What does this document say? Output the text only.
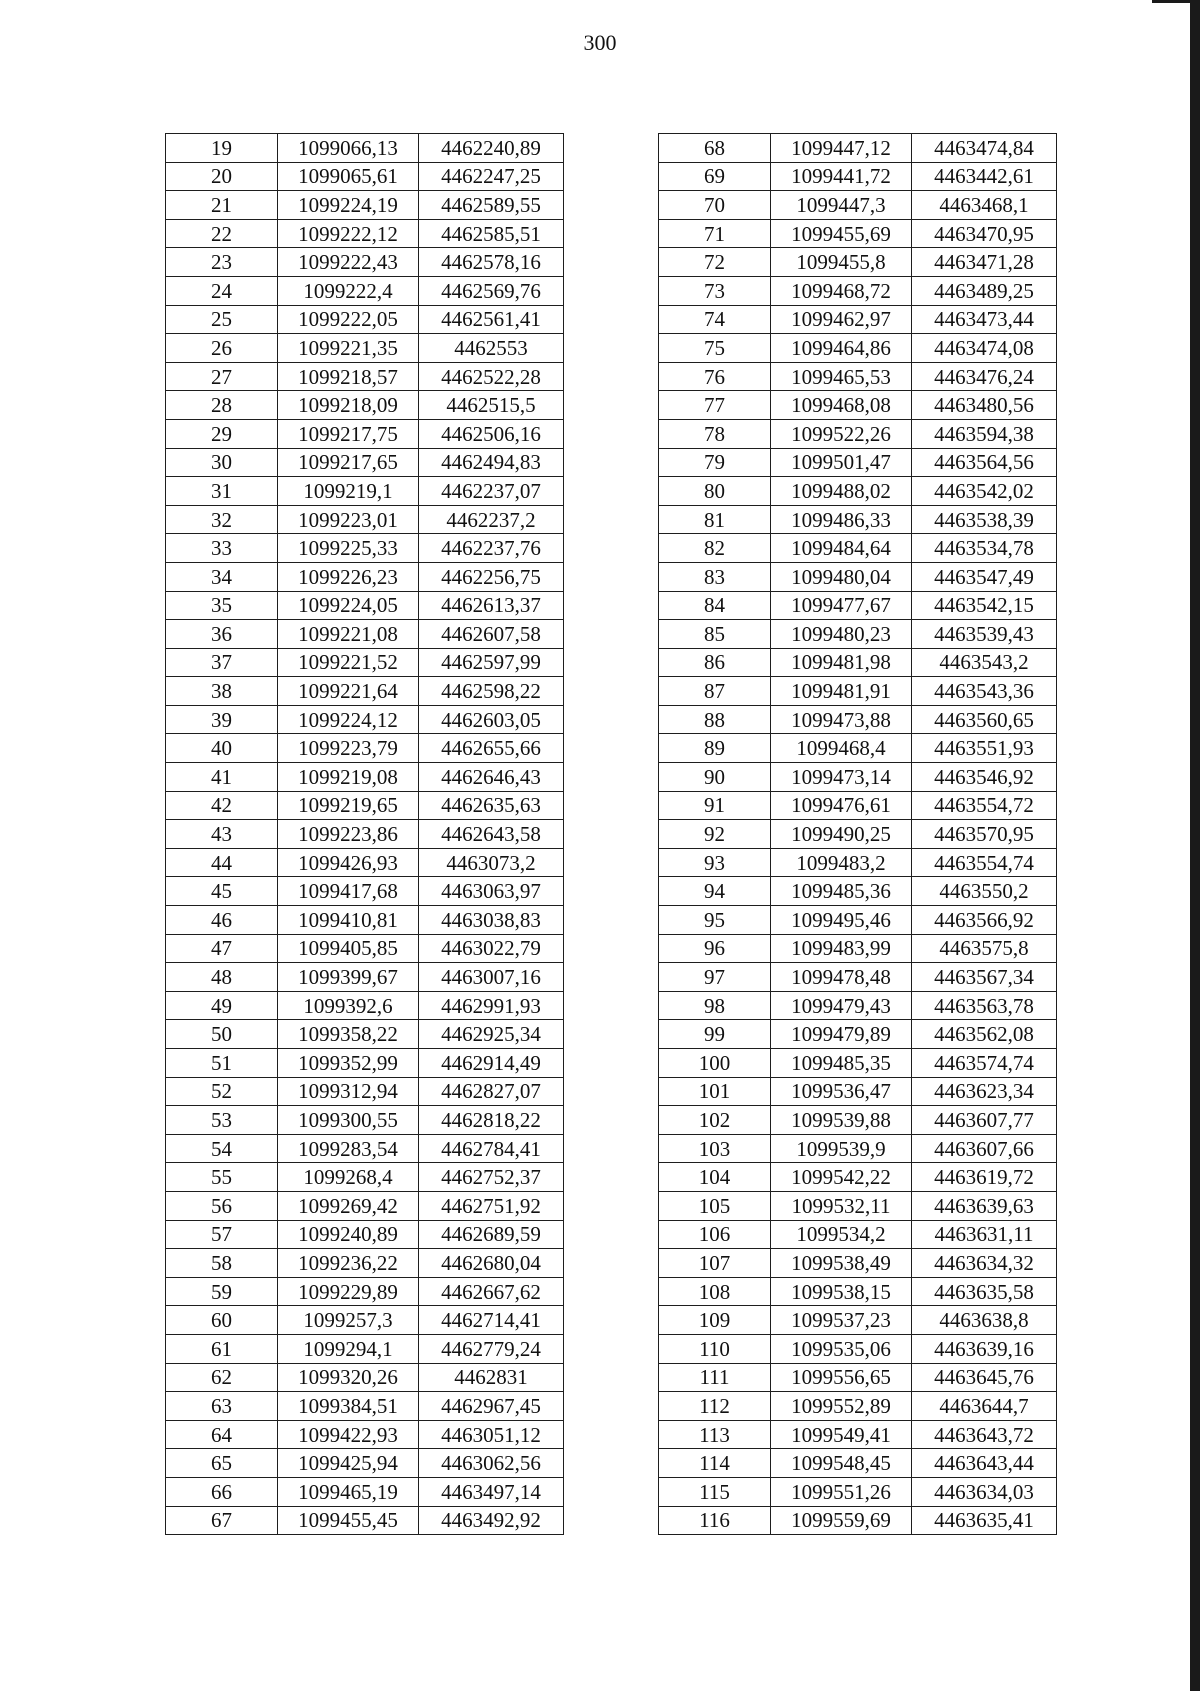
300
19	1099066,13	4462240,89
20	1099065,61	4462247,25
21	1099224,19	4462589,55
22	1099222,12	4462585,51
23	1099222,43	4462578,16
24	1099222,4	4462569,76
25	1099222,05	4462561,41
26	1099221,35	4462553
27	1099218,57	4462522,28
28	1099218,09	4462515,5
29	1099217,75	4462506,16
30	1099217,65	4462494,83
31	1099219,1	4462237,07
32	1099223,01	4462237,2
33	1099225,33	4462237,76
34	1099226,23	4462256,75
35	1099224,05	4462613,37
36	1099221,08	4462607,58
37	1099221,52	4462597,99
38	1099221,64	4462598,22
39	1099224,12	4462603,05
40	1099223,79	4462655,66
41	1099219,08	4462646,43
42	1099219,65	4462635,63
43	1099223,86	4462643,58
44	1099426,93	4463073,2
45	1099417,68	4463063,97
46	1099410,81	4463038,83
47	1099405,85	4463022,79
48	1099399,67	4463007,16
49	1099392,6	4462991,93
50	1099358,22	4462925,34
51	1099352,99	4462914,49
52	1099312,94	4462827,07
53	1099300,55	4462818,22
54	1099283,54	4462784,41
55	1099268,4	4462752,37
56	1099269,42	4462751,92
57	1099240,89	4462689,59
58	1099236,22	4462680,04
59	1099229,89	4462667,62
60	1099257,3	4462714,41
61	1099294,1	4462779,24
62	1099320,26	4462831
63	1099384,51	4462967,45
64	1099422,93	4463051,12
65	1099425,94	4463062,56
66	1099465,19	4463497,14
67	1099455,45	4463492,92
68	1099447,12	4463474,84
69	1099441,72	4463442,61
70	1099447,3	4463468,1
71	1099455,69	4463470,95
72	1099455,8	4463471,28
73	1099468,72	4463489,25
74	1099462,97	4463473,44
75	1099464,86	4463474,08
76	1099465,53	4463476,24
77	1099468,08	4463480,56
78	1099522,26	4463594,38
79	1099501,47	4463564,56
80	1099488,02	4463542,02
81	1099486,33	4463538,39
82	1099484,64	4463534,78
83	1099480,04	4463547,49
84	1099477,67	4463542,15
85	1099480,23	4463539,43
86	1099481,98	4463543,2
87	1099481,91	4463543,36
88	1099473,88	4463560,65
89	1099468,4	4463551,93
90	1099473,14	4463546,92
91	1099476,61	4463554,72
92	1099490,25	4463570,95
93	1099483,2	4463554,74
94	1099485,36	4463550,2
95	1099495,46	4463566,92
96	1099483,99	4463575,8
97	1099478,48	4463567,34
98	1099479,43	4463563,78
99	1099479,89	4463562,08
100	1099485,35	4463574,74
101	1099536,47	4463623,34
102	1099539,88	4463607,77
103	1099539,9	4463607,66
104	1099542,22	4463619,72
105	1099532,11	4463639,63
106	1099534,2	4463631,11
107	1099538,49	4463634,32
108	1099538,15	4463635,58
109	1099537,23	4463638,8
110	1099535,06	4463639,16
111	1099556,65	4463645,76
112	1099552,89	4463644,7
113	1099549,41	4463643,72
114	1099548,45	4463643,44
115	1099551,26	4463634,03
116	1099559,69	4463635,41
